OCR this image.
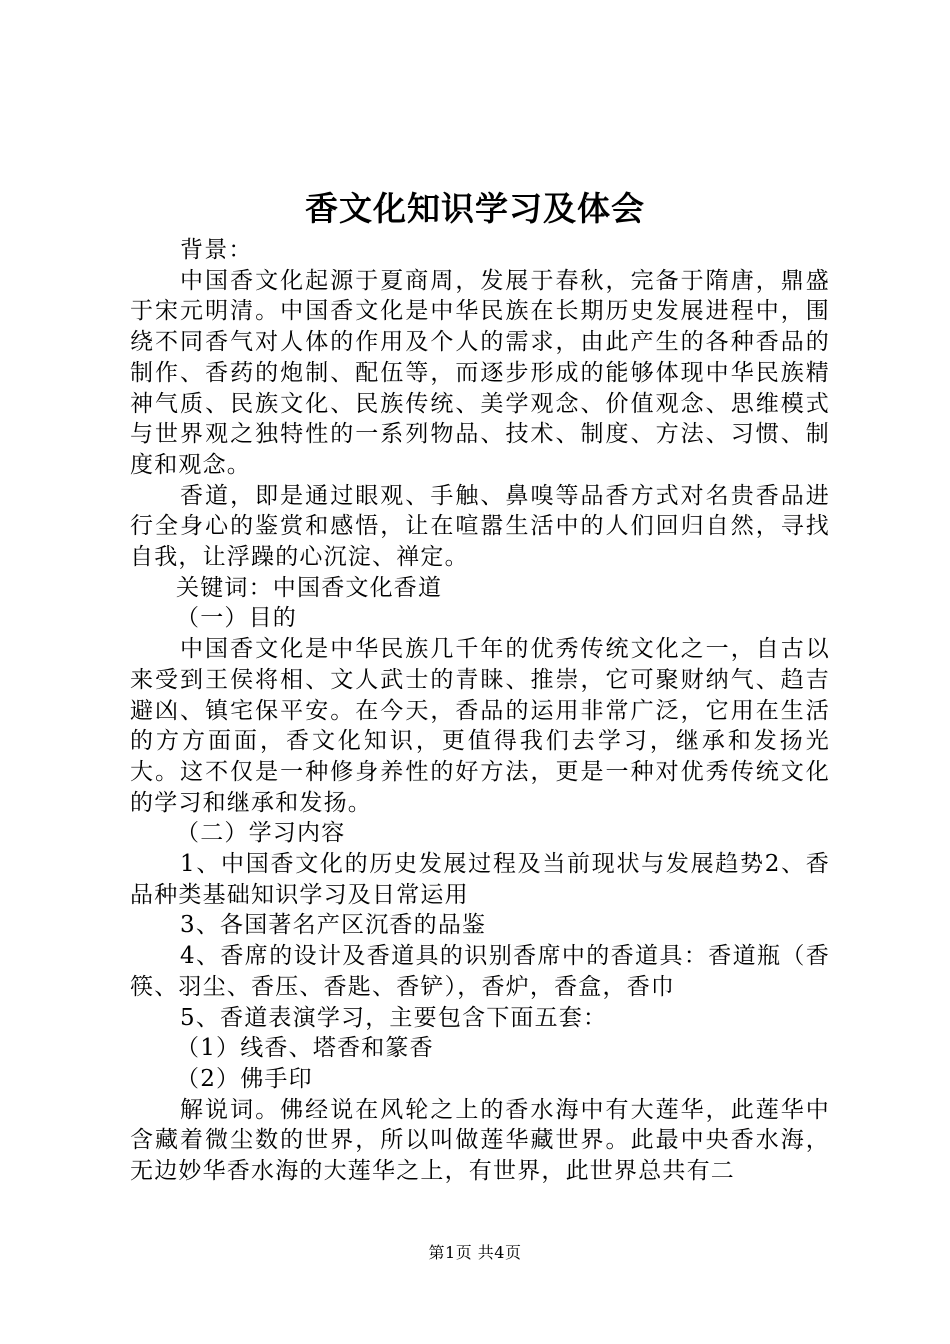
香文化知识学习及体会

背景：

中国香文化起源于夏商周，发展于春秋，完备于隋唐，鼎盛于宋元明清。中国香文化是中华民族在长期历史发展进程中，围绕不同香气对人体的作用及个人的需求，由此产生的各种香品的制作、香药的炮制、配伍等，而逐步形成的能够体现中华民族精神气质、民族文化、民族传统、美学观念、价值观念、思维模式与世界观之独特性的一系列物品、技术、制度、方法、习惯、制度和观念。

香道，即是通过眼观、手触、鼻嗅等品香方式对名贵香品进行全身心的鉴赏和感悟，让在喧嚣生活中的人们回归自然，寻找自我，让浮躁的心沉淀、禅定。

关键词：中国香文化香道

（一）目的

中国香文化是中华民族几千年的优秀传统文化之一，自古以来受到王侯将相、文人武士的青睐、推崇，它可聚财纳气、趋吉避凶、镇宅保平安。在今天，香品的运用非常广泛，它用在生活的方方面面，香文化知识，更值得我们去学习，继承和发扬光大。这不仅是一种修身养性的好方法，更是一种对优秀传统文化的学习和继承和发扬。

（二）学习内容

1、中国香文化的历史发展过程及当前现状与发展趋势2、香品种类基础知识学习及日常运用

3、各国著名产区沉香的品鉴

4、香席的设计及香道具的识别香席中的香道具：香道瓶（香筷、羽尘、香压、香匙、香铲），香炉，香盒，香巾

5、香道表演学习，主要包含下面五套：

（1）线香、塔香和篆香

（2）佛手印

解说词。佛经说在风轮之上的香水海中有大莲华，此莲华中含藏着微尘数的世界，所以叫做莲华藏世界。此最中央香水海，无边妙华香水海的大莲华之上，有世界，此世界总共有二

第1页 共4页
